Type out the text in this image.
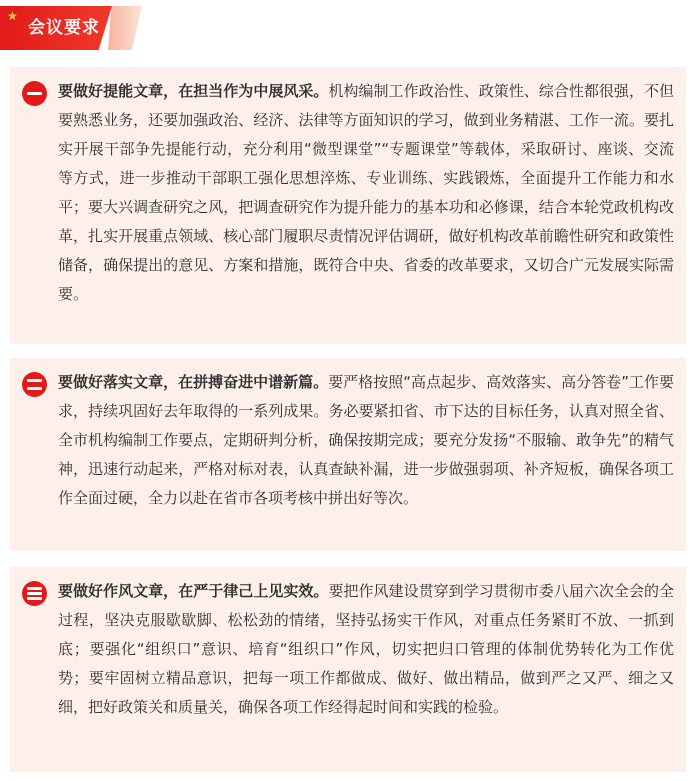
★
会议要求
要做好提能文章，在担当作为中展风采。机构编制工作政治性、政策性、综合性都很强，不但要熟悉业务，还要加强政治、经济、法律等方面知识的学习，做到业务精湛、工作一流。要扎实开展干部争先提能行动，充分利用“微型课堂”“专题课堂”等载体，采取研讨、座谈、交流等方式，进一步推动干部职工强化思想淬炼、专业训练、实践锻炼，全面提升工作能力和水平；要大兴调查研究之风，把调查研究作为提升能力的基本功和必修课，结合本轮党政机构改革，扎实开展重点领域、核心部门履职尽责情况评估调研，做好机构改革前瞻性研究和政策性储备，确保提出的意见、方案和措施，既符合中央、省委的改革要求，又切合广元发展实际需要。
要做好落实文章，在拼搏奋进中谱新篇。要严格按照“高点起步、高效落实、高分答卷”工作要求，持续巩固好去年取得的一系列成果。务必要紧扣省、市下达的目标任务，认真对照全省、全市机构编制工作要点，定期研判分析，确保按期完成；要充分发扬“不服输、敢争先”的精气神，迅速行动起来，严格对标对表，认真查缺补漏，进一步做强弱项、补齐短板，确保各项工作全面过硬，全力以赴在省市各项考核中拼出好等次。
要做好作风文章，在严于律己上见实效。要把作风建设贯穿到学习贯彻市委八届六次全会的全过程，坚决克服歇歇脚、松松劲的情绪，坚持弘扬实干作风，对重点任务紧盯不放、一抓到底；要强化“组织口”意识、培育“组织口”作风，切实把归口管理的体制优势转化为工作优势；要牢固树立精品意识，把每一项工作都做成、做好、做出精品，做到严之又严、细之又细，把好政策关和质量关，确保各项工作经得起时间和实践的检验。
